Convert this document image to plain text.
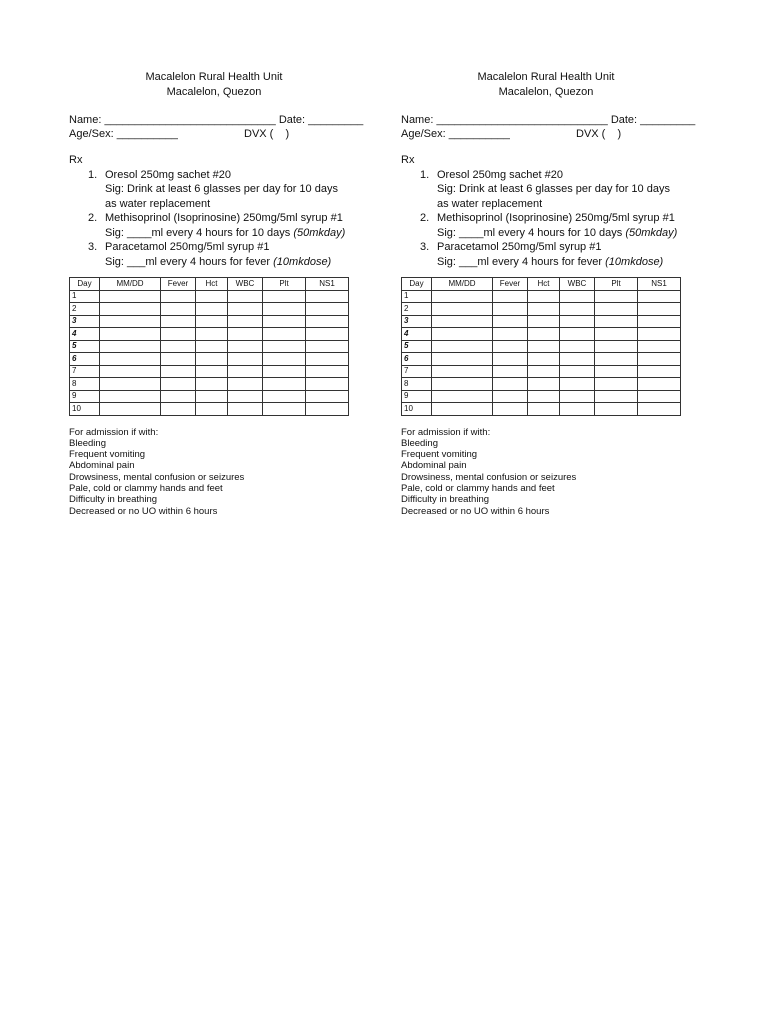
Macalelon Rural Health Unit
Macalelon, Quezon
Name: ____________________________ Date: _________
Age/Sex: __________	DVX (    )
Rx
1. Oresol 250mg sachet #20
Sig: Drink at least 6 glasses per day for 10 days
as water replacement
2. Methisoprinol (Isoprinosine) 250mg/5ml syrup #1
Sig: ____ml every 4 hours for 10 days (50mkday)
3. Paracetamol 250mg/5ml syrup #1
Sig: ___ml every 4 hours for fever (10mkdose)
Day	MM/DD	Fever	Hct	WBC	Plt	NS1
1						
2						
3						
4						
5						
6						
7						
8						
9						
10						
For admission if with:
Bleeding
Frequent vomiting
Abdominal pain
Drowsiness, mental confusion or seizures
Pale, cold or clammy hands and feet
Difficulty in breathing
Decreased or no UO within 6 hours
Macalelon Rural Health Unit
Macalelon, Quezon
Name: ____________________________ Date: _________
Age/Sex: __________	DVX (    )
Rx
1. Oresol 250mg sachet #20
Sig: Drink at least 6 glasses per day for 10 days
as water replacement
2. Methisoprinol (Isoprinosine) 250mg/5ml syrup #1
Sig: ____ml every 4 hours for 10 days (50mkday)
3. Paracetamol 250mg/5ml syrup #1
Sig: ___ml every 4 hours for fever (10mkdose)
Day	MM/DD	Fever	Hct	WBC	Plt	NS1
1						
2						
3						
4						
5						
6						
7						
8						
9						
10						
For admission if with:
Bleeding
Frequent vomiting
Abdominal pain
Drowsiness, mental confusion or seizures
Pale, cold or clammy hands and feet
Difficulty in breathing
Decreased or no UO within 6 hours
